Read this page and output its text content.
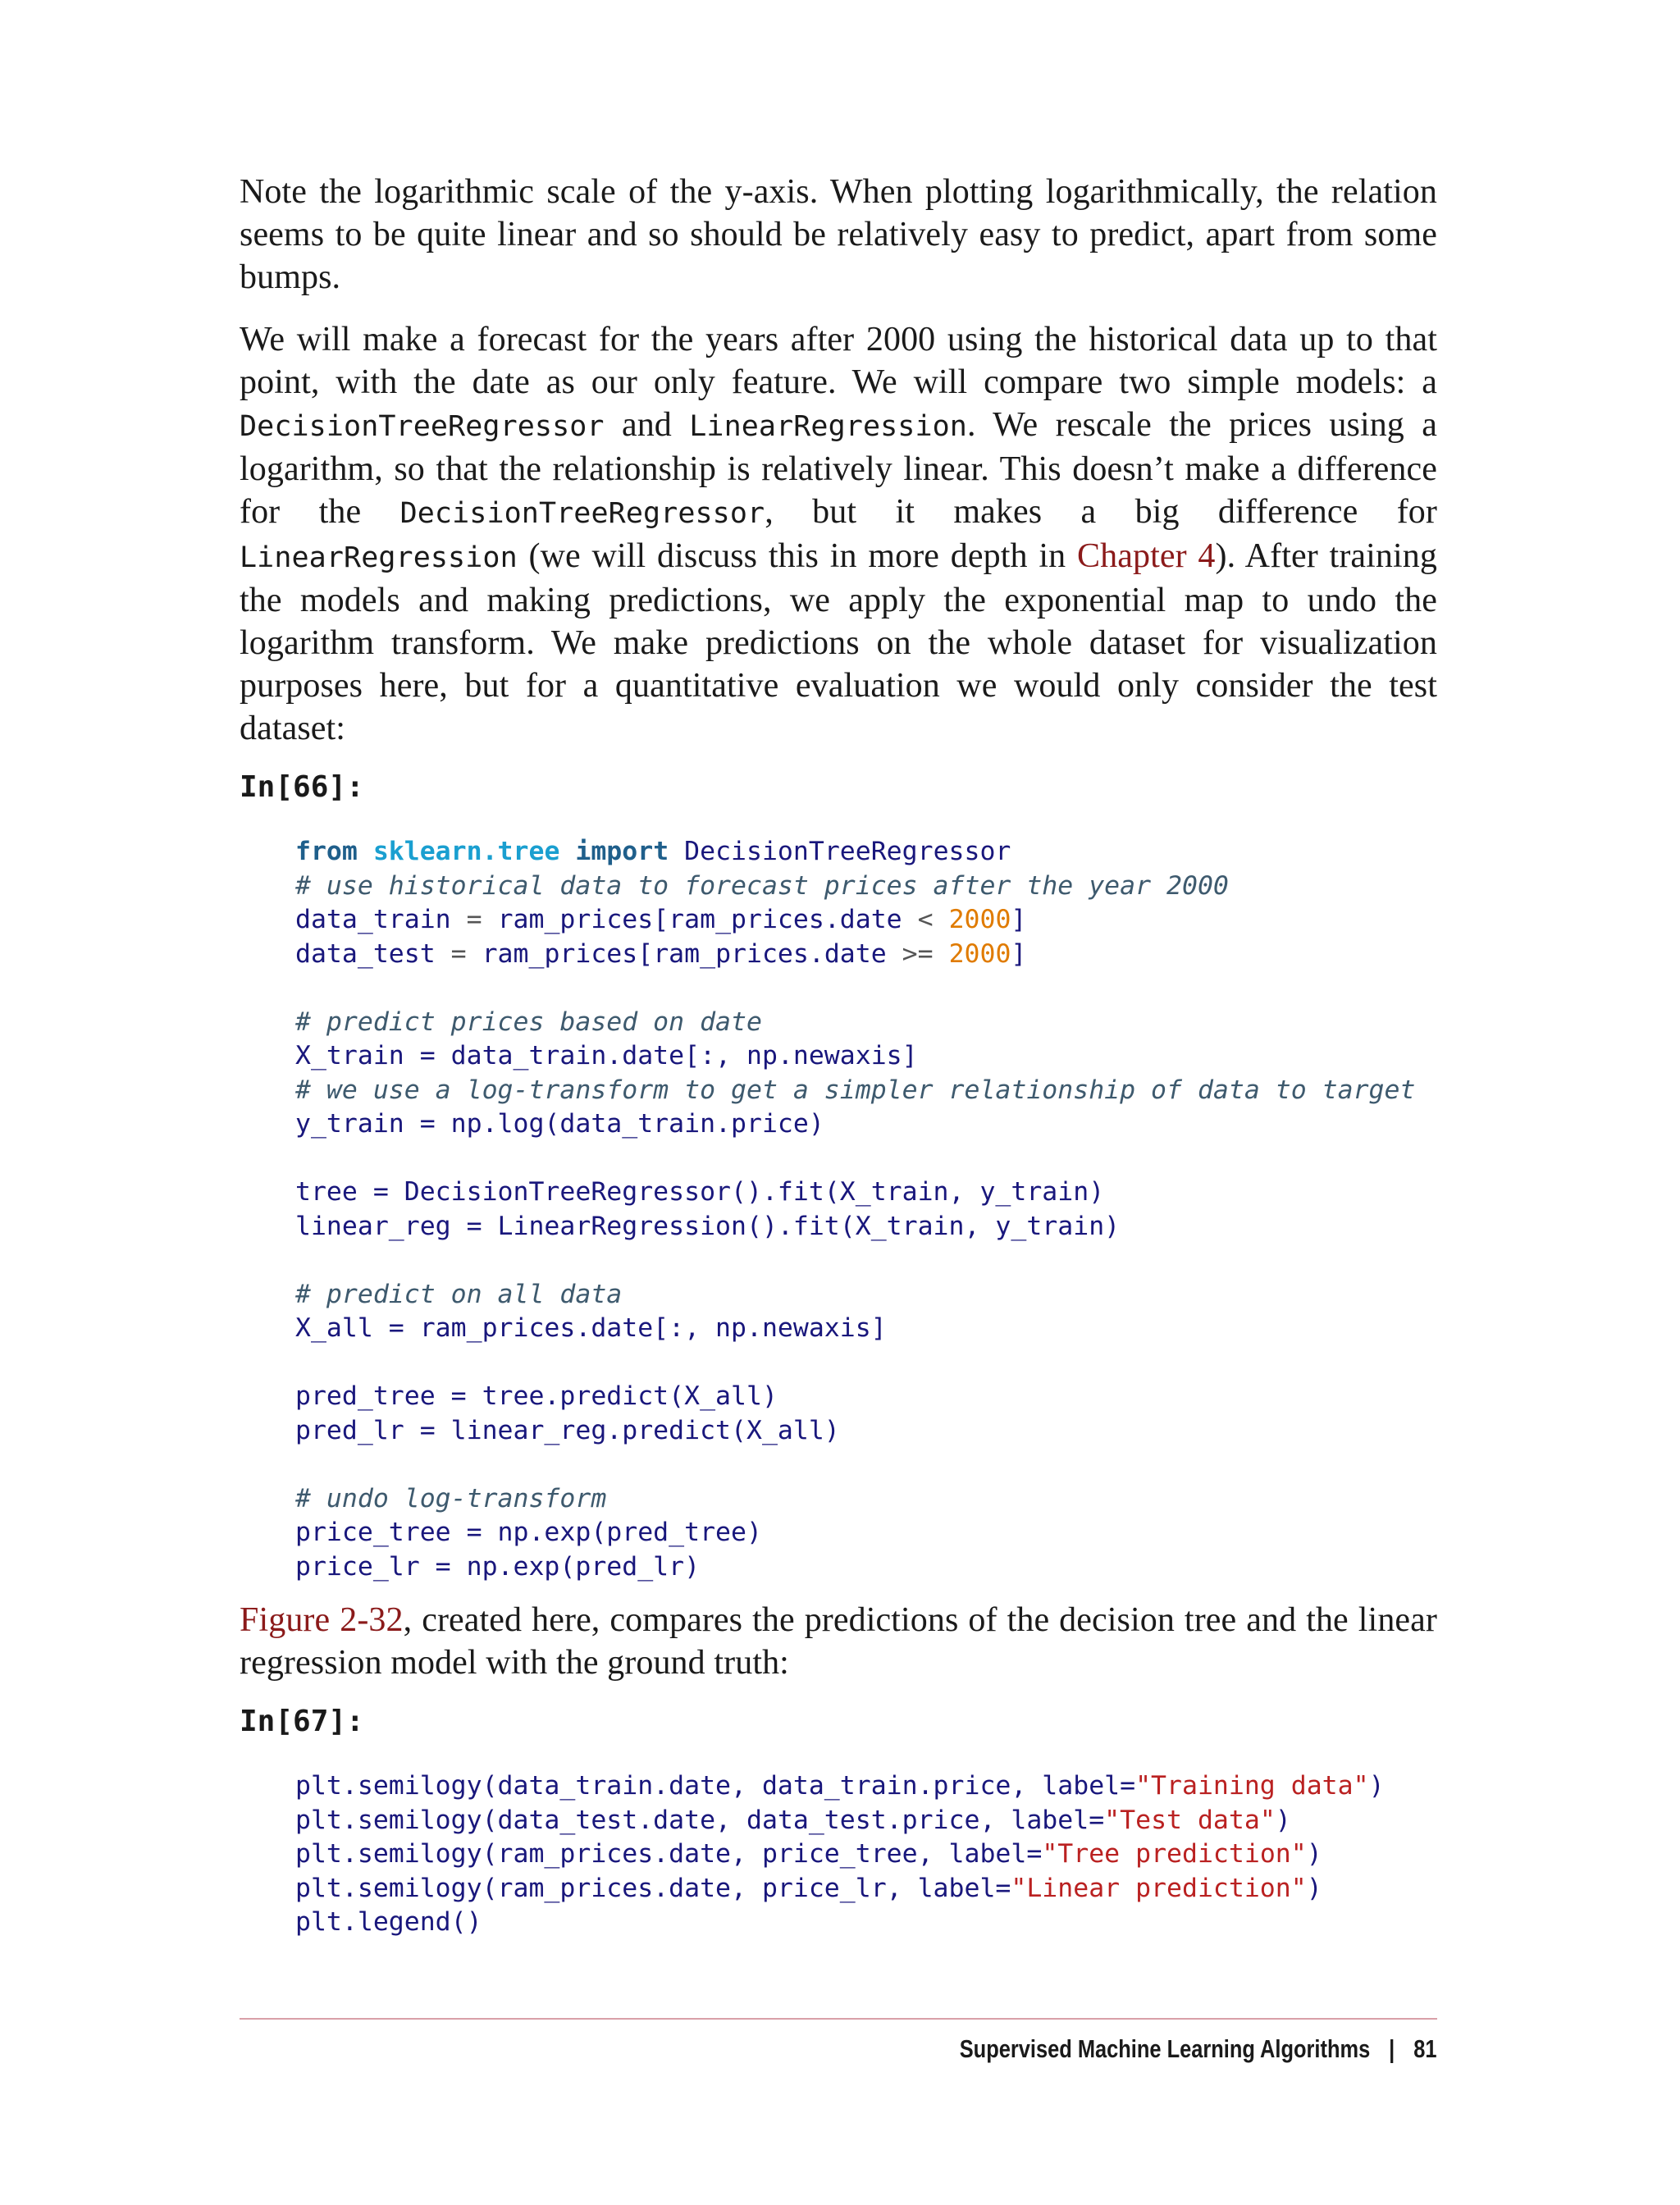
Note the logarithmic scale of the y-axis. When plotting logarithmically, the relation seems to be quite linear and so should be relatively easy to predict, apart from some bumps.

We will make a forecast for the years after 2000 using the historical data up to that point, with the date as our only feature. We will compare two simple models: a DecisionTreeRegressor and LinearRegression. We rescale the prices using a logarithm, so that the relationship is relatively linear. This doesn’t make a difference for the DecisionTreeRegressor, but it makes a big difference for LinearRegression (we will discuss this in more depth in Chapter 4). After training the models and making predictions, we apply the exponential map to undo the logarithm transform. We make predictions on the whole dataset for visualization purposes here, but for a quantitative evaluation we would only consider the test dataset:

In[66]:
from sklearn.tree import DecisionTreeRegressor
# use historical data to forecast prices after the year 2000
data_train = ram_prices[ram_prices.date < 2000]
data_test = ram_prices[ram_prices.date >= 2000]

# predict prices based on date
X_train = data_train.date[:, np.newaxis]
# we use a log-transform to get a simpler relationship of data to target
y_train = np.log(data_train.price)

tree = DecisionTreeRegressor().fit(X_train, y_train)
linear_reg = LinearRegression().fit(X_train, y_train)

# predict on all data
X_all = ram_prices.date[:, np.newaxis]

pred_tree = tree.predict(X_all)
pred_lr = linear_reg.predict(X_all)

# undo log-transform
price_tree = np.exp(pred_tree)
price_lr = np.exp(pred_lr)

Figure 2-32, created here, compares the predictions of the decision tree and the linear regression model with the ground truth:

In[67]:
plt.semilogy(data_train.date, data_train.price, label="Training data")
plt.semilogy(data_test.date, data_test.price, label="Test data")
plt.semilogy(ram_prices.date, price_tree, label="Tree prediction")
plt.semilogy(ram_prices.date, price_lr, label="Linear prediction")
plt.legend()
Supervised Machine Learning Algorithms | 81
